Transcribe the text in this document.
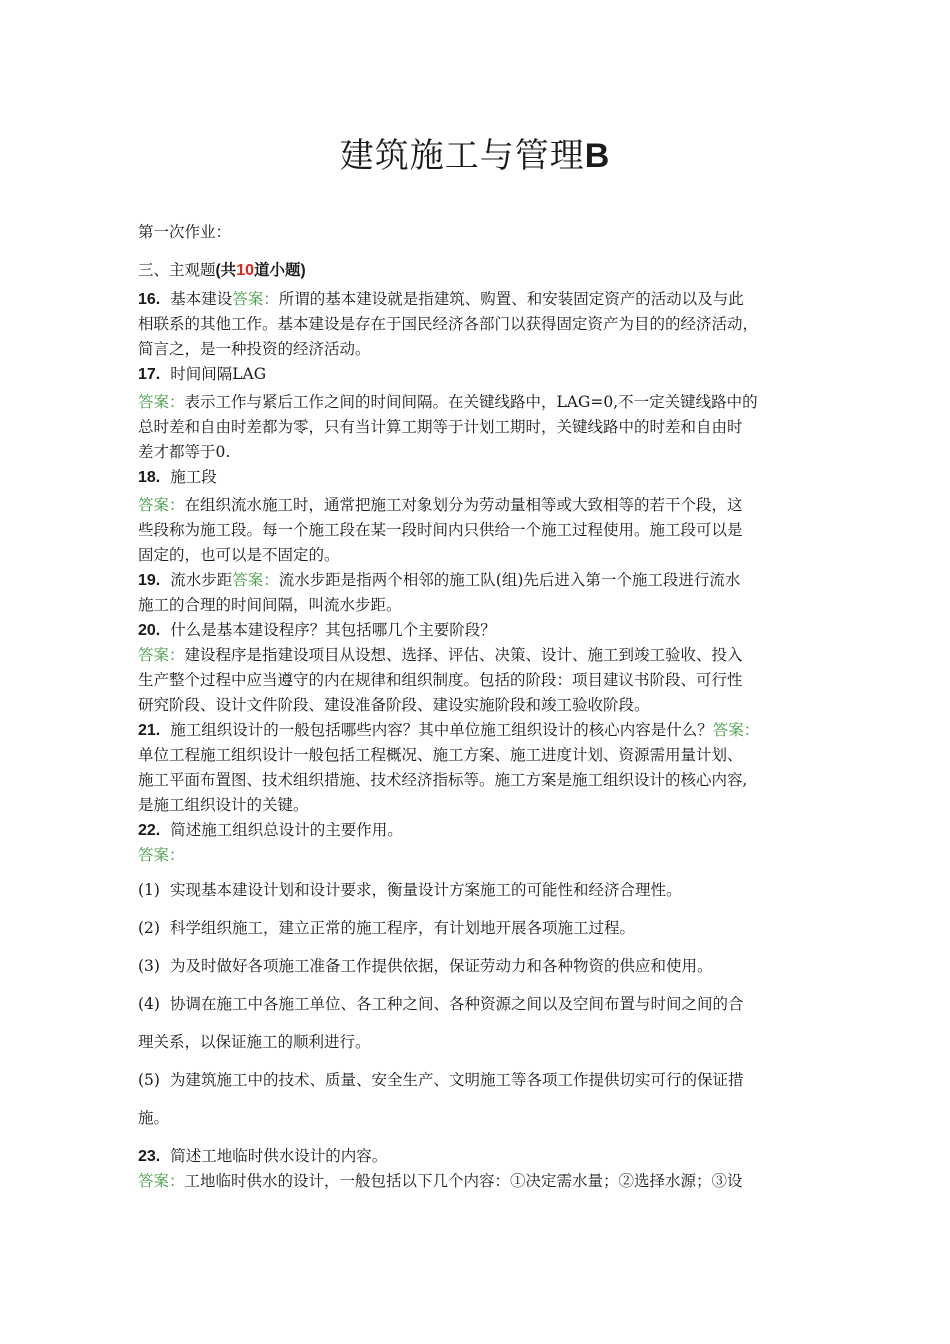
建筑施工与管理B
第一次作业：
三、主观题(共10道小题)
16. 基本建设答案：所谓的基本建设就是指建筑、购置、和安装固定资产的活动以及与此
相联系的其他工作。基本建设是存在于国民经济各部门以获得固定资产为目的的经济活动，
简言之，是一种投资的经济活动。
17. 时间间隔LAG
答案：表示工作与紧后工作之间的时间间隔。在关键线路中，LAG=0,不一定关键线路中的
总时差和自由时差都为零，只有当计算工期等于计划工期时，关键线路中的时差和自由时
差才都等于0.
18. 施工段
答案：在组织流水施工时，通常把施工对象划分为劳动量相等或大致相等的若干个段，这
些段称为施工段。每一个施工段在某一段时间内只供给一个施工过程使用。施工段可以是
固定的，也可以是不固定的。
19. 流水步距答案：流水步距是指两个相邻的施工队(组)先后进入第一个施工段进行流水
施工的合理的时间间隔，叫流水步距。
20. 什么是基本建设程序？其包括哪几个主要阶段？
答案：建设程序是指建设项目从设想、选择、评估、决策、设计、施工到竣工验收、投入
生产整个过程中应当遵守的内在规律和组织制度。包括的阶段：项目建议书阶段、可行性
研究阶段、设计文件阶段、建设准备阶段、建设实施阶段和竣工验收阶段。
21. 施工组织设计的一般包括哪些内容？其中单位施工组织设计的核心内容是什么？答案：
单位工程施工组织设计一般包括工程概况、施工方案、施工进度计划、资源需用量计划、
施工平面布置图、技术组织措施、技术经济指标等。施工方案是施工组织设计的核心内容,
是施工组织设计的关键。
22. 简述施工组织总设计的主要作用。
答案：
(1) 实现基本建设计划和设计要求，衡量设计方案施工的可能性和经济合理性。
(2) 科学组织施工，建立正常的施工程序，有计划地开展各项施工过程。
(3) 为及时做好各项施工准备工作提供依据，保证劳动力和各种物资的供应和使用。
(4) 协调在施工中各施工单位、各工种之间、各种资源之间以及空间布置与时间之间的合
理关系，以保证施工的顺利进行。
(5) 为建筑施工中的技术、质量、安全生产、文明施工等各项工作提供切实可行的保证措
施。
23. 简述工地临时供水设计的内容。
答案：工地临时供水的设计，一般包括以下几个内容：①决定需水量；②选择水源；③设
